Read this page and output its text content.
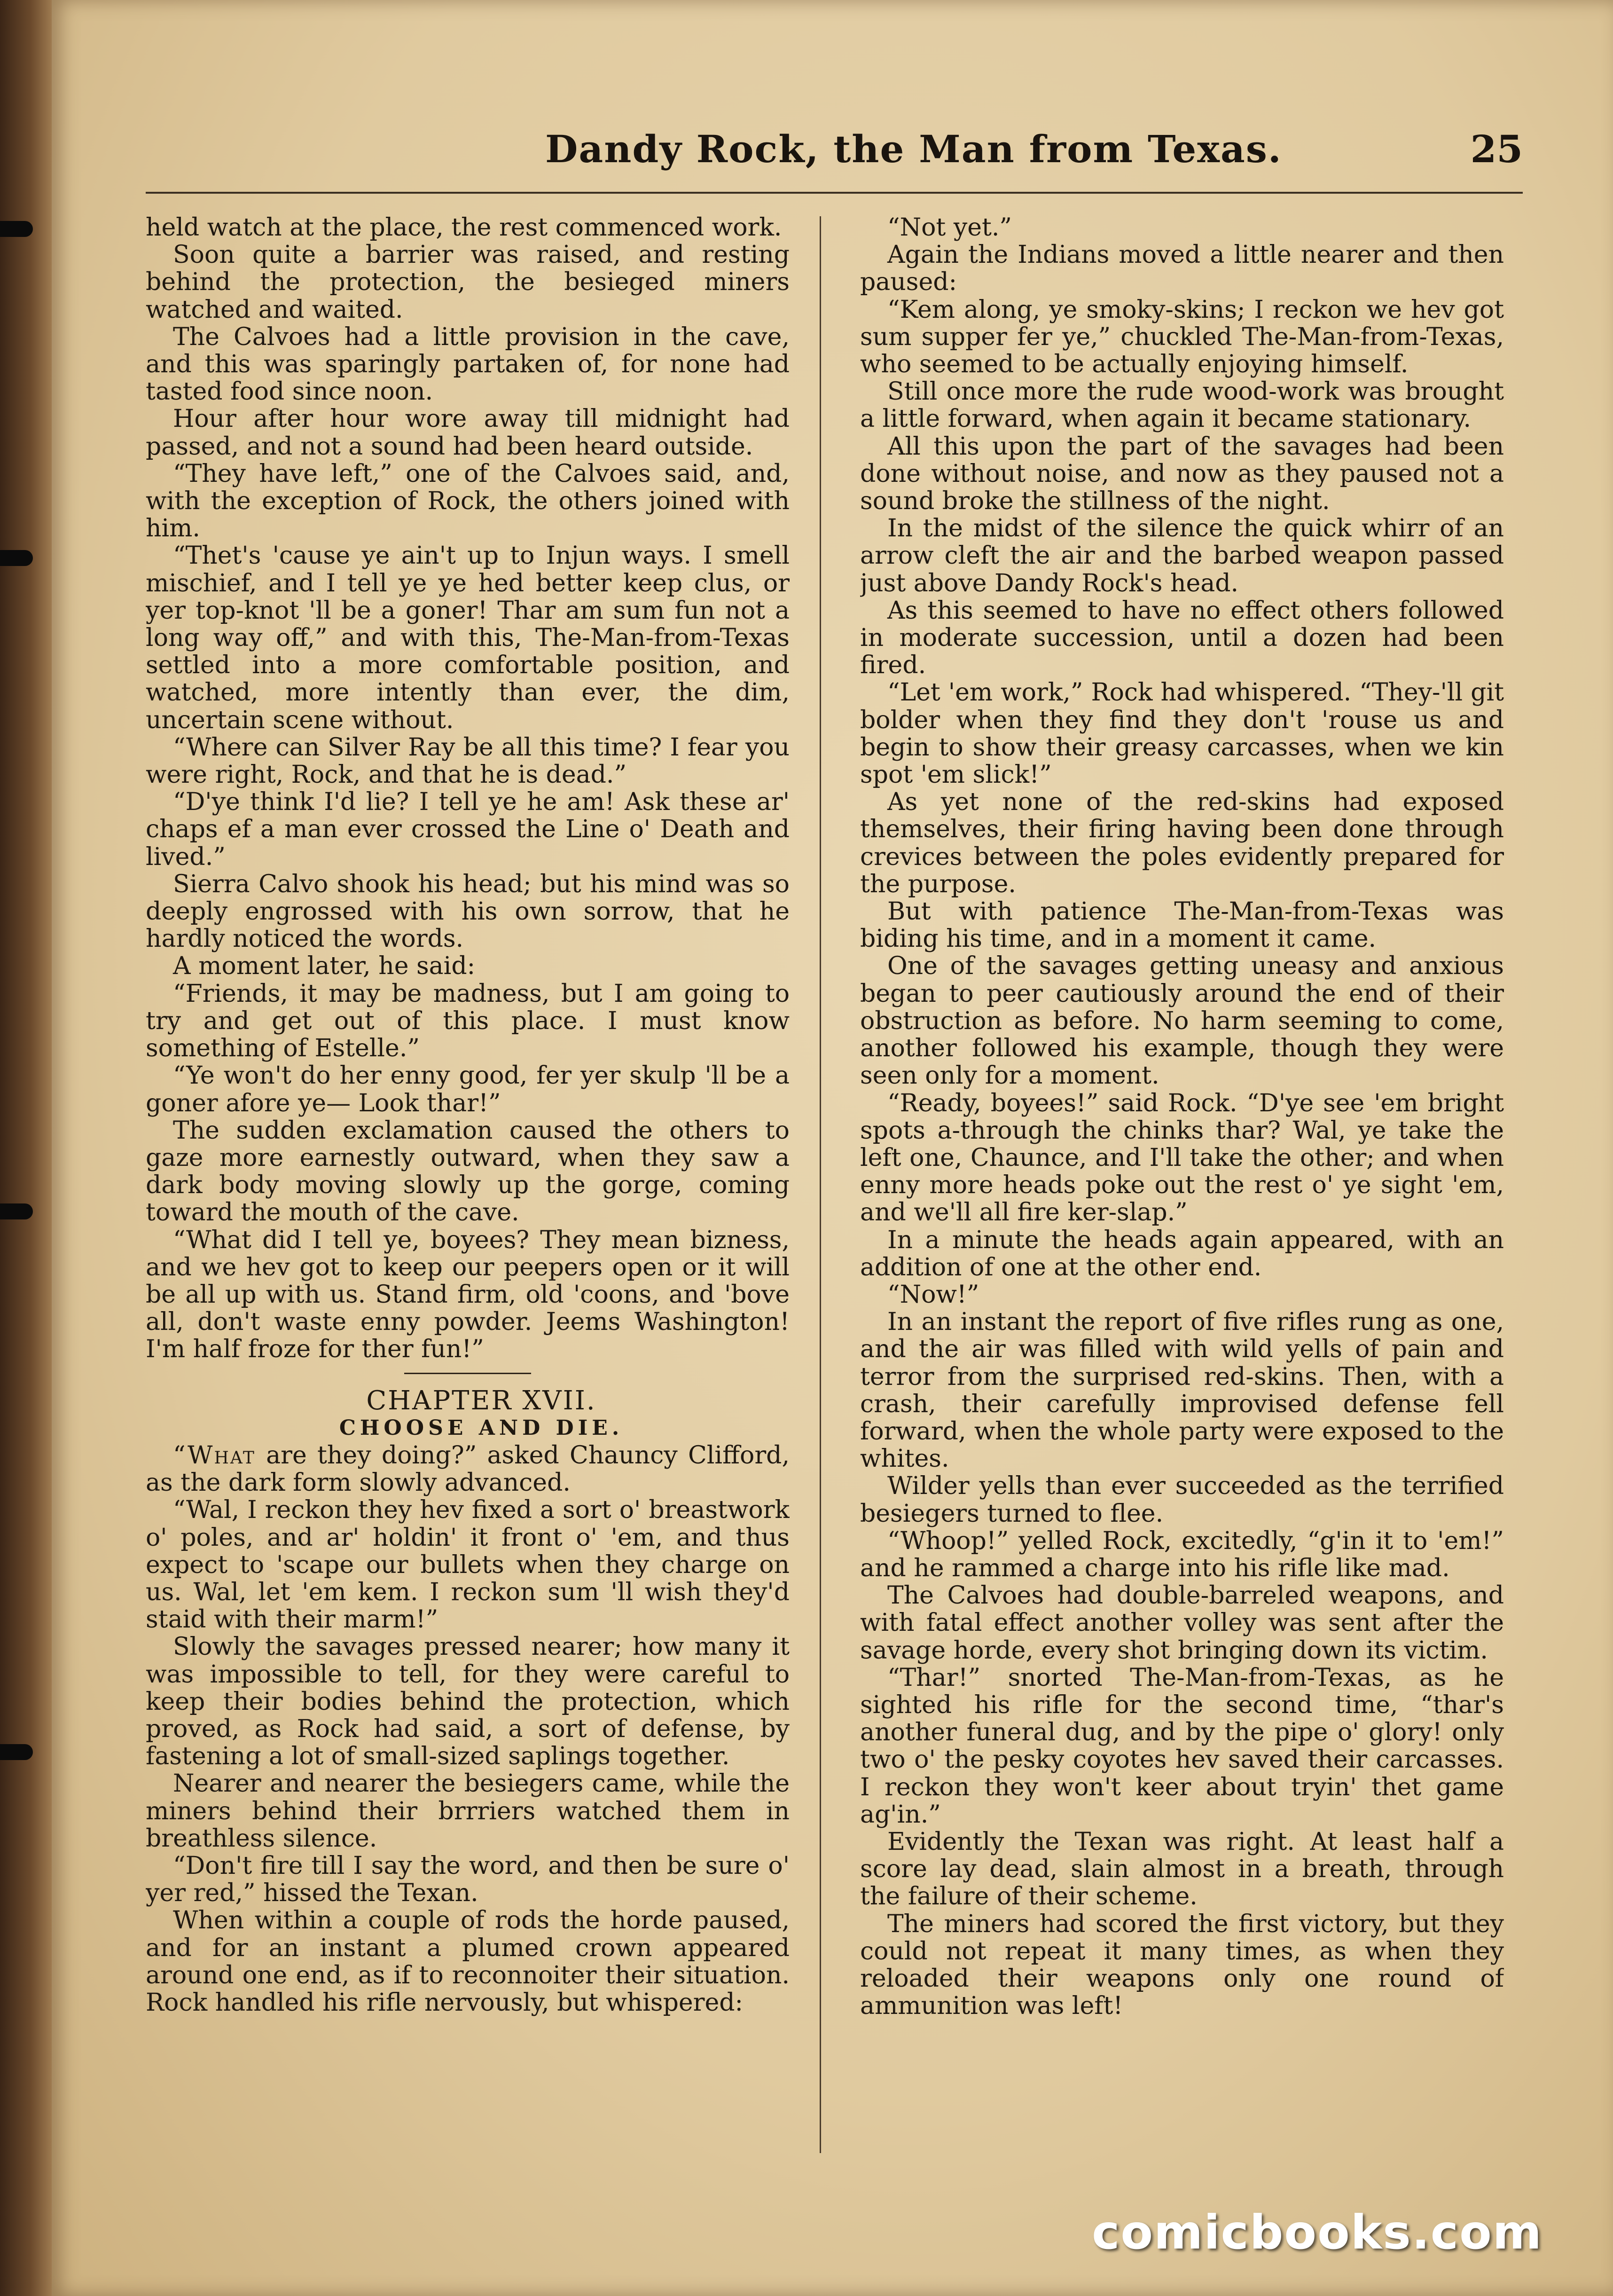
Dandy Rock, the Man from Texas.	25

held watch at the place, the rest commenced work.

Soon quite a barrier was raised, and resting behind the protection, the besieged miners watched and waited.

The Calvoes had a little provision in the cave, and this was sparingly partaken of, for none had tasted food since noon.

Hour after hour wore away till midnight had passed, and not a sound had been heard outside.

“They have left,” one of the Calvoes said, and, with the exception of Rock, the others joined with him.

“Thet's 'cause ye ain't up to Injun ways. I smell mischief, and I tell ye ye hed better keep clus, or yer top-knot 'll be a goner! Thar am sum fun not a long way off,” and with this, The-Man-from-Texas settled into a more comfortable position, and watched, more intently than ever, the dim, uncertain scene without.

“Where can Silver Ray be all this time? I fear you were right, Rock, and that he is dead.”

“D'ye think I'd lie? I tell ye he am! Ask these ar' chaps ef a man ever crossed the Line o' Death and lived.”

Sierra Calvo shook his head; but his mind was so deeply engrossed with his own sorrow, that he hardly noticed the words.

A moment later, he said:

“Friends, it may be madness, but I am going to try and get out of this place. I must know something of Estelle.”

“Ye won't do her enny good, fer yer skulp 'll be a goner afore ye— Look thar!”

The sudden exclamation caused the others to gaze more earnestly outward, when they saw a dark body moving slowly up the gorge, coming toward the mouth of the cave.

“What did I tell ye, boyees? They mean bizness, and we hev got to keep our peepers open or it will be all up with us. Stand firm, old 'coons, and 'bove all, don't waste enny powder. Jeems Washington! I'm half froze for ther fun!”

CHAPTER XVII.

CHOOSE AND DIE.

“What are they doing?” asked Chauncy Clifford, as the dark form slowly advanced.

“Wal, I reckon they hev fixed a sort o' breastwork o' poles, and ar' holdin' it front o' 'em, and thus expect to 'scape our bullets when they charge on us. Wal, let 'em kem. I reckon sum 'll wish they'd staid with their marm!”

Slowly the savages pressed nearer; how many it was impossible to tell, for they were careful to keep their bodies behind the protection, which proved, as Rock had said, a sort of defense, by fastening a lot of small-sized saplings together.

Nearer and nearer the besiegers came, while the miners behind their brrriers watched them in breathless silence.

“Don't fire till I say the word, and then be sure o' yer red,” hissed the Texan.

When within a couple of rods the horde paused, and for an instant a plumed crown appeared around one end, as if to reconnoiter their situation. Rock handled his rifle nervously, but whispered:

“Not yet.”

Again the Indians moved a little nearer and then paused:

“Kem along, ye smoky-skins; I reckon we hev got sum supper fer ye,” chuckled The-Man-from-Texas, who seemed to be actually enjoying himself.

Still once more the rude wood-work was brought a little forward, when again it became stationary.

All this upon the part of the savages had been done without noise, and now as they paused not a sound broke the stillness of the night.

In the midst of the silence the quick whirr of an arrow cleft the air and the barbed weapon passed just above Dandy Rock's head.

As this seemed to have no effect others followed in moderate succession, until a dozen had been fired.

“Let 'em work,” Rock had whispered. “They-'ll git bolder when they find they don't 'rouse us and begin to show their greasy carcasses, when we kin spot 'em slick!”

As yet none of the red-skins had exposed themselves, their firing having been done through crevices between the poles evidently prepared for the purpose.

But with patience The-Man-from-Texas was biding his time, and in a moment it came.

One of the savages getting uneasy and anxious began to peer cautiously around the end of their obstruction as before. No harm seeming to come, another followed his example, though they were seen only for a moment.

“Ready, boyees!” said Rock. “D'ye see 'em bright spots a-through the chinks thar? Wal, ye take the left one, Chaunce, and I'll take the other; and when enny more heads poke out the rest o' ye sight 'em, and we'll all fire ker-slap.”

In a minute the heads again appeared, with an addition of one at the other end.

“Now!”

In an instant the report of five rifles rung as one, and the air was filled with wild yells of pain and terror from the surprised red-skins. Then, with a crash, their carefully improvised defense fell forward, when the whole party were exposed to the whites.

Wilder yells than ever succeeded as the terrified besiegers turned to flee.

“Whoop!” yelled Rock, excitedly, “g'in it to 'em!” and he rammed a charge into his rifle like mad.

The Calvoes had double-barreled weapons, and with fatal effect another volley was sent after the savage horde, every shot bringing down its victim.

“Thar!” snorted The-Man-from-Texas, as he sighted his rifle for the second time, “thar's another funeral dug, and by the pipe o' glory! only two o' the pesky coyotes hev saved their carcasses. I reckon they won't keer about tryin' thet game ag'in.”

Evidently the Texan was right. At least half a score lay dead, slain almost in a breath, through the failure of their scheme.

The miners had scored the first victory, but they could not repeat it many times, as when they reloaded their weapons only one round of ammunition was left!

comicbooks.com
